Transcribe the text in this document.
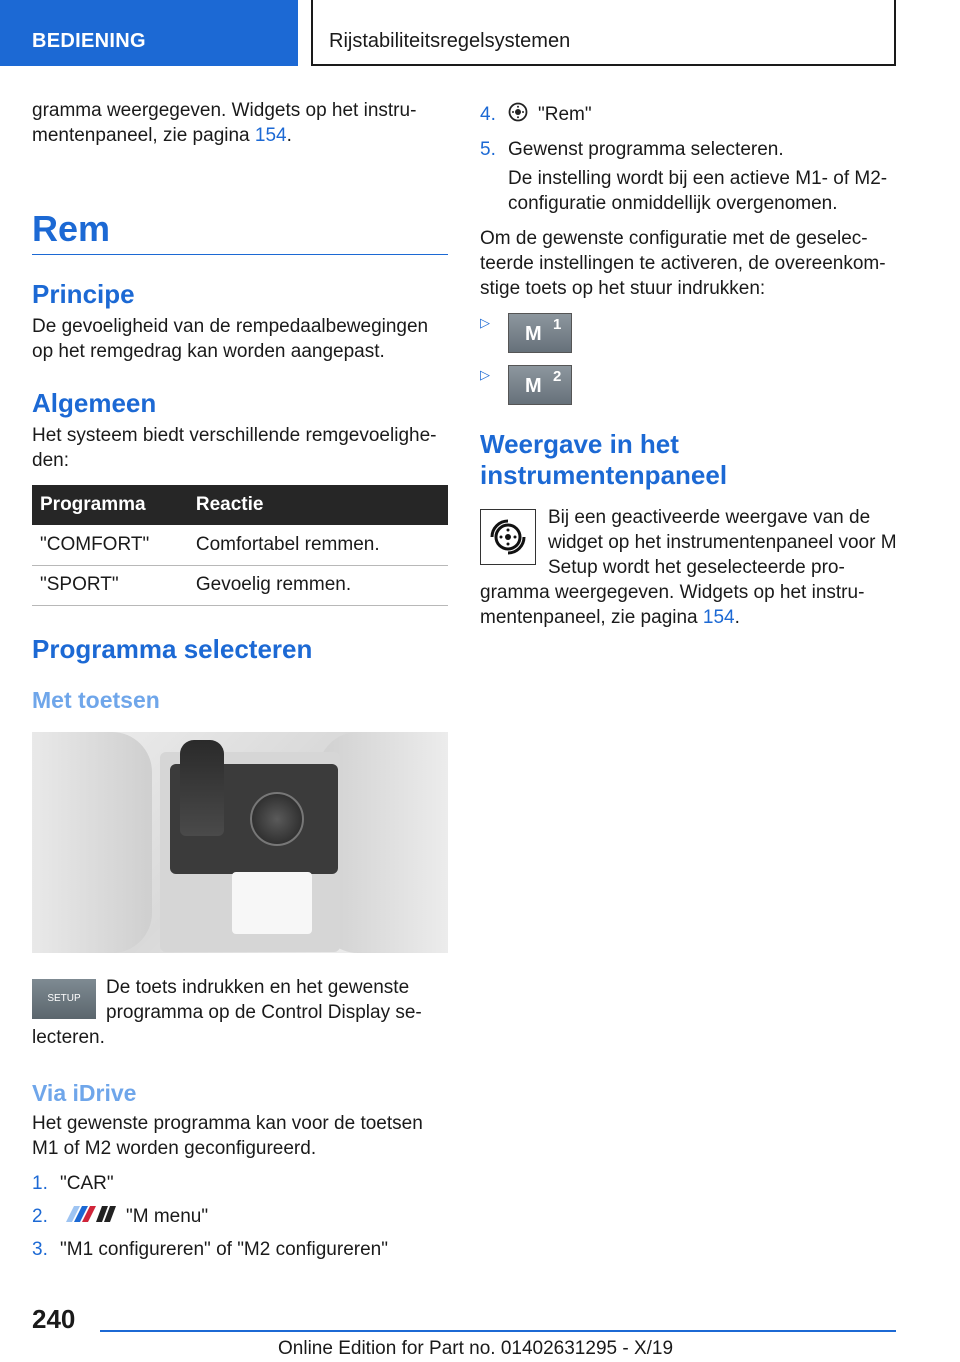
BEDIENING	Rijstabiliteitsregelsystemen

gramma weergegeven. Widgets op het instru-mentenpaneel, zie pagina 154.

Rem
Principe

De gevoeligheid van de rempedaalbewegingen op het remgedrag kan worden aangepast.

Algemeen

Het systeem biedt verschillende remgevoelighe-den:

Programma	Reactie
"COMFORT"	Comfortabel remmen.
"SPORT"	Gevoelig remmen.
Programma selecteren
Met toetsen
SETUP

De toets indrukken en het gewenste programma op de Control Display se-lecteren.

Via iDrive

Het gewenste programma kan voor de toetsen M1 of M2 worden geconfigureerd.

1. "CAR"
2.	"M menu"
3. "M1 configureren" of "M2 configureren"
4.	"Rem"
5. Gewenst programma selecteren.

De instelling wordt bij een actieve M1- of M2-configuratie onmiddellijk overgenomen.

Om de gewenste configuratie met de geselec-teerde instellingen te activeren, de overeenkom-stige toets op het stuur indrukken:

▷
M 1
▷
M 2
Weergave in het instrumentenpaneel

Bij een geactiveerde weergave van de widget op het instrumentenpaneel voor M Setup wordt het geselecteerde pro-gramma weergegeven. Widgets op het instru-mentenpaneel, zie pagina 154.

240
Online Edition for Part no. 01402631295 - X/19
